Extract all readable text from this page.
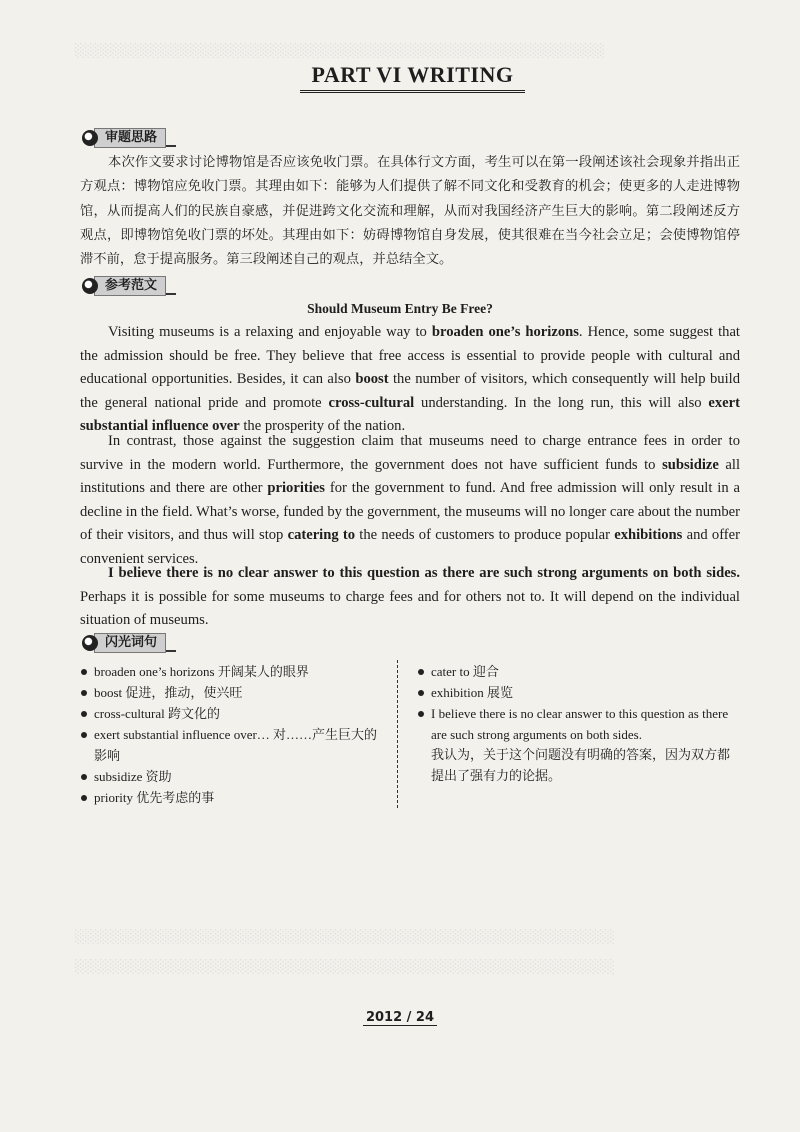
░░░░░░░░░░░░░░░░░░░░░░░░░░░░░░░░░░░░░░░░░░░░░░░░░░░░░
░░░░░░░░░░░░░░░░░░░░░░░░░░░░░░░░░░░░░░░░░░░░░░░░░░░░░░
░░░░░░░░░░░░░░░░░░░░░░░░░░░░░░░░░░░░░░░░░░░░░░░░░░░░░░
PART VI WRITING
审题思路
本次作文要求讨论博物馆是否应该免收门票。在具体行文方面，考生可以在第一段阐述该社会现象并指出正方观点：博物馆应免收门票。其理由如下：能够为人们提供了解不同文化和受教育的机会；使更多的人走进博物馆，从而提高人们的民族自豪感，并促进跨文化交流和理解，从而对我国经济产生巨大的影响。第二段阐述反方观点，即博物馆免收门票的坏处。其理由如下：妨碍博物馆自身发展，使其很难在当今社会立足；会使博物馆停滞不前，怠于提高服务。第三段阐述自己的观点，并总结全文。
参考范文
Should Museum Entry Be Free?
Visiting museums is a relaxing and enjoyable way to broaden one’s horizons. Hence, some suggest that the admission should be free. They believe that free access is essential to provide people with cultural and educational opportunities. Besides, it can also boost the number of visitors, which consequently will help build the general national pride and promote cross-cultural understanding. In the long run, this will also exert substantial influence over the prosperity of the nation.
In contrast, those against the suggestion claim that museums need to charge entrance fees in order to survive in the modern world. Furthermore, the government does not have sufficient funds to subsidize all institutions and there are other priorities for the government to fund. And free admission will only result in a decline in the field. What’s worse, funded by the government, the museums will no longer care about the number of their visitors, and thus will stop catering to the needs of customers to produce popular exhibitions and offer convenient services.
I believe there is no clear answer to this question as there are such strong arguments on both sides. Perhaps it is possible for some museums to charge fees and for others not to. It will depend on the individual situation of museums.
闪光词句
broaden one’s horizons 开阔某人的眼界
boost 促进，推动，使兴旺
cross-cultural 跨文化的
exert substantial influence over… 对……产生巨大的影响
subsidize 资助
priority 优先考虑的事
cater to 迎合
exhibition 展览
I believe there is no clear answer to this question as there are such strong arguments on both sides.
我认为，关于这个问题没有明确的答案，因为双方都提出了强有力的论据。
2012 / 24
